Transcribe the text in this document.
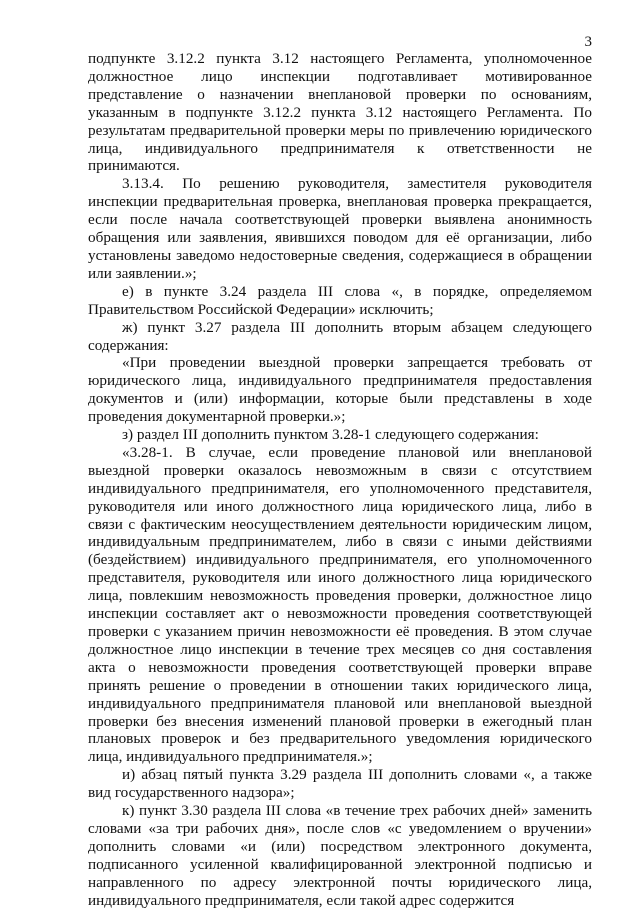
3

подпункте 3.12.2 пункта 3.12 настоящего Регламента, уполномоченное должностное лицо инспекции подготавливает мотивированное представление о назначении внеплановой проверки по основаниям, указанным в подпункте 3.12.2 пункта 3.12 настоящего Регламента. По результатам предварительной проверки меры по привлечению юридического лица, индивидуального предпринимателя к ответственности не принимаются.

3.13.4. По решению руководителя, заместителя руководителя инспекции предварительная проверка, внеплановая проверка прекращается, если после начала соответствующей проверки выявлена анонимность обращения или заявления, явившихся поводом для её организации, либо установлены заведомо недостоверные сведения, содержащиеся в обращении или заявлении.»;

е) в пункте 3.24 раздела III слова «, в порядке, определяемом Правительством Российской Федерации» исключить;

ж) пункт 3.27 раздела III дополнить вторым абзацем следующего содержания:

«При проведении выездной проверки запрещается требовать от юридического лица, индивидуального предпринимателя предоставления документов и (или) информации, которые были представлены в ходе проведения документарной проверки.»;

з) раздел III дополнить пунктом 3.28-1 следующего содержания:

«3.28-1. В случае, если проведение плановой или внеплановой выездной проверки оказалось невозможным в связи с отсутствием индивидуального предпринимателя, его уполномоченного представителя, руководителя или иного должностного лица юридического лица, либо в связи с фактическим неосуществлением деятельности юридическим лицом, индивидуальным предпринимателем, либо в связи с иными действиями (бездействием) индивидуального предпринимателя, его уполномоченного представителя, руководителя или иного должностного лица юридического лица, повлекшим невозможность проведения проверки, должностное лицо инспекции составляет акт о невозможности проведения соответствующей проверки с указанием причин невозможности её проведения. В этом случае должностное лицо инспекции в течение трех месяцев со дня составления акта о невозможности проведения соответствующей проверки вправе принять решение о проведении в отношении таких юридического лица, индивидуального предпринимателя плановой или внеплановой выездной проверки без внесения изменений плановой проверки в ежегодный план плановых проверок и без предварительного уведомления юридического лица, индивидуального предпринимателя.»;

и) абзац пятый пункта 3.29 раздела III дополнить словами «, а также вид государственного надзора»;

к) пункт 3.30 раздела III слова «в течение трех рабочих дней» заменить словами «за три рабочих дня», после слов «с уведомлением о вручении» дополнить словами «и (или) посредством электронного документа, подписанного усиленной квалифицированной электронной подписью и направленного по адресу электронной почты юридического лица, индивидуального предпринимателя, если такой адрес содержится
